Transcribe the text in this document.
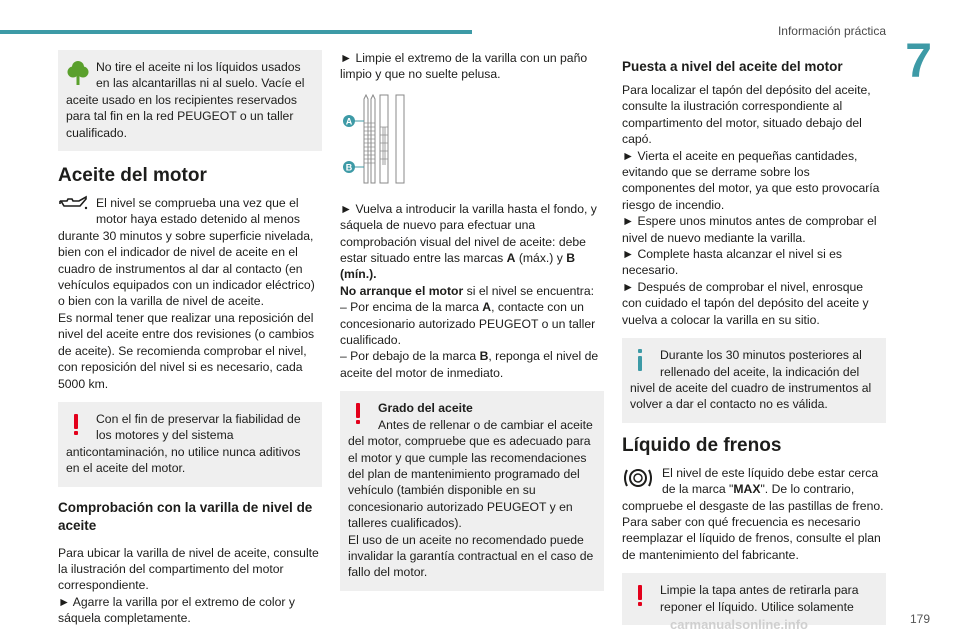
Información práctica
7

No tire el aceite ni los líquidos usados en las alcantarillas ni al suelo. Vacíe el aceite usado en los recipientes reservados para tal fin en la red PEUGEOT o un taller cualificado.

Aceite del motor

El nivel se comprueba una vez que el motor haya estado detenido al menos durante 30 minutos y sobre superficie nivelada, bien con el indicador de nivel de aceite en el cuadro de instrumentos al dar al contacto (en vehículos equipados con un indicador eléctrico) o bien con la varilla de nivel de aceite.

Es normal tener que realizar una reposición del nivel del aceite entre dos revisiones (o cambios de aceite). Se recomienda comprobar el nivel, con reposición del nivel si es necesario, cada 5000 km.

Con el fin de preservar la fiabilidad de los motores y del sistema anticontaminación, no utilice nunca aditivos en el aceite del motor.

Comprobación con la varilla de nivel de aceite

Para ubicar la varilla de nivel de aceite, consulte la ilustración del compartimento del motor correspondiente.

► Agarre la varilla por el extremo de color y sáquela completamente.

► Limpie el extremo de la varilla con un paño limpio y que no suelte pelusa.

A
B

► Vuelva a introducir la varilla hasta el fondo, y sáquela de nuevo para efectuar una comprobación visual del nivel de aceite: debe estar situado entre las marcas A (máx.) y B (mín.).

No arranque el motor si el nivel se encuentra:

– Por encima de la marca A, contacte con un concesionario autorizado PEUGEOT o un taller cualificado.

– Por debajo de la marca B, reponga el nivel de aceite del motor de inmediato.

Grado del aceite

Antes de rellenar o de cambiar el aceite del motor, compruebe que es adecuado para el motor y que cumple las recomendaciones del plan de mantenimiento programado del vehículo (también disponible en su concesionario autorizado PEUGEOT y en talleres cualificados).

El uso de un aceite no recomendado puede invalidar la garantía contractual en el caso de fallo del motor.

Puesta a nivel del aceite del motor

Para localizar el tapón del depósito del aceite, consulte la ilustración correspondiente al compartimento del motor, situado debajo del capó.

► Vierta el aceite en pequeñas cantidades, evitando que se derrame sobre los componentes del motor, ya que esto provocaría riesgo de incendio.

► Espere unos minutos antes de comprobar el nivel de nuevo mediante la varilla.

► Complete hasta alcanzar el nivel si es necesario.

► Después de comprobar el nivel, enrosque con cuidado el tapón del depósito del aceite y vuelva a colocar la varilla en su sitio.

Durante los 30 minutos posteriores al rellenado del aceite, la indicación del nivel de aceite del cuadro de instrumentos al volver a dar el contacto no es válida.

Líquido de frenos

El nivel de este líquido debe estar cerca de la marca "MAX". De lo contrario, compruebe el desgaste de las pastillas de freno.

Para saber con qué frecuencia es necesario reemplazar el líquido de frenos, consulte el plan de mantenimiento del fabricante.

Limpie la tapa antes de retirarla para reponer el líquido. Utilice solamente

179
carmanualsonline.info
